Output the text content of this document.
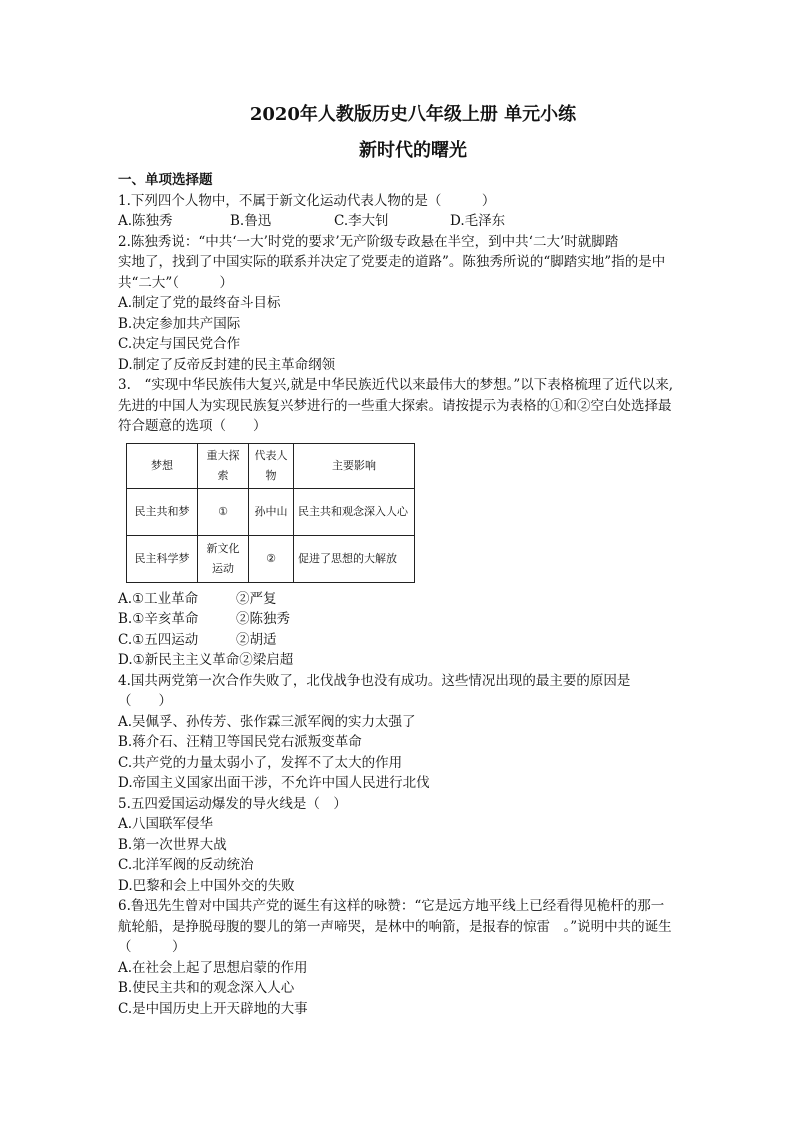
2020年人教版历史八年级上册 单元小练
新时代的曙光
一、单项选择题
1.下列四个人物中，不属于新文化运动代表人物的是（　　　）
A.陈独秀	B.鲁迅	C.李大钊	D.毛泽东
2.陈独秀说：“中共‘一大’时党的要求’无产阶级专政悬在半空，到中共‘二大’时就脚踏
实地了，找到了中国实际的联系并决定了党要走的道路”。陈独秀所说的“脚踏实地”指的是中
共“二大”（　　　）
A.制定了党的最终奋斗目标
B.决定参加共产国际
C.决定与国民党合作
D.制定了反帝反封建的民主革命纲领
3.　“实现中华民族伟大复兴,就是中华民族近代以来最伟大的梦想。”以下表格梳理了近代以来,
先进的中国人为实现民族复兴梦进行的一些重大探索。请按提示为表格的①和②空白处选择最
符合题意的选项（　　）
梦想	重大探索	代表人物	主要影响
民主共和梦	①	孙中山	民主共和观念深入人心
民主科学梦	新文化运动	②	促进了思想的大解放
A.①工业革命	②严复
B.①辛亥革命	②陈独秀
C.①五四运动	②胡适
D.①新民主主义革命②梁启超
4.国共两党第一次合作失败了，北伐战争也没有成功。这些情况出现的最主要的原因是
（　　）
A.吴佩孚、孙传芳、张作霖三派军阀的实力太强了
B.蒋介石、汪精卫等国民党右派叛变革命
C.共产党的力量太弱小了，发挥不了太大的作用
D.帝国主义国家出面干涉，不允许中国人民进行北伐
5.五四爱国运动爆发的导火线是（　）
A.八国联军侵华
B.第一次世界大战
C.北洋军阀的反动统治
D.巴黎和会上中国外交的失败
6.鲁迅先生曾对中国共产党的诞生有这样的咏赞：“它是远方地平线上已经看得见桅杆的那一
航轮船，是挣脱母腹的婴儿的第一声啼哭，是林中的响箭，是报春的惊雷　。”说明中共的诞生
（　　　）
A.在社会上起了思想启蒙的作用
B.使民主共和的观念深入人心
C.是中国历史上开天辟地的大事
